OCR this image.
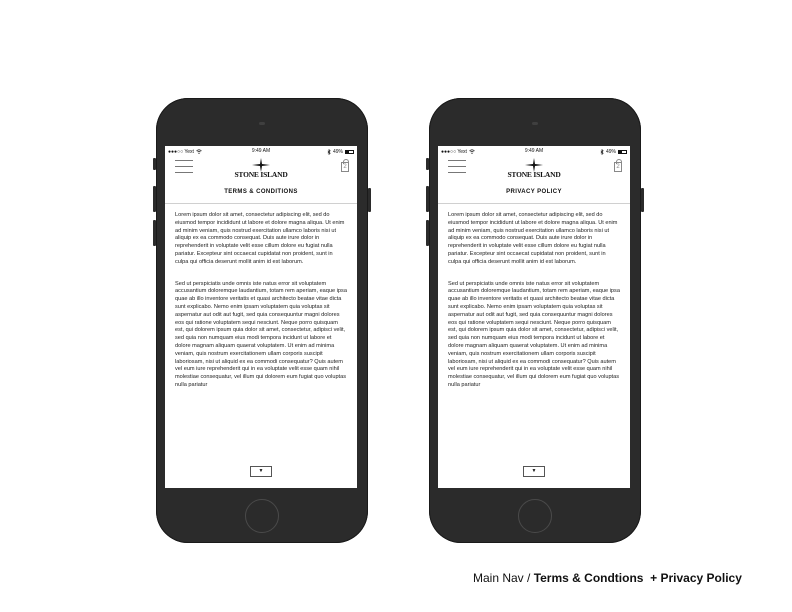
●●●○○ Yext	9:49 AM	49%
STONE ISLAND
2
TERMS & CONDITIONS

Lorem ipsum dolor sit amet, consectetur adipiscing elit, sed do eiusmod tempor incididunt ut labore et dolore magna aliqua. Ut enim ad minim veniam, quis nostrud exercitation ullamco laboris nisi ut aliquip ex ea commodo consequat. Duis aute irure dolor in reprehenderit in voluptate velit esse cillum dolore eu fugiat nulla pariatur. Excepteur sint occaecat cupidatat non proident, sunt in culpa qui officia deserunt mollit anim id est laborum.

Sed ut perspiciatis unde omnis iste natus error sit voluptatem accusantium doloremque laudantium, totam rem aperiam, eaque ipsa quae ab illo inventore veritatis et quasi architecto beatae vitae dicta sunt explicabo. Nemo enim ipsam voluptatem quia voluptas sit aspernatur aut odit aut fugit, sed quia consequuntur magni dolores eos qui ratione voluptatem sequi nesciunt. Neque porro quisquam est, qui dolorem ipsum quia dolor sit amet, consectetur, adipisci velit, sed quia non numquam eius modi tempora incidunt ut labore et dolore magnam aliquam quaerat voluptatem. Ut enim ad minima veniam, quis nostrum exercitationem ullam corporis suscipit laboriosam, nisi ut aliquid ex ea commodi consequatur? Quis autem vel eum iure reprehenderit qui in ea voluptate velit esse quam nihil molestiae consequatur, vel illum qui dolorem eum fugiat quo voluptas nulla pariatur

▼
●●●○○ Yext	9:49 AM	49%
STONE ISLAND
2
PRIVACY POLICY

Lorem ipsum dolor sit amet, consectetur adipiscing elit, sed do eiusmod tempor incididunt ut labore et dolore magna aliqua. Ut enim ad minim veniam, quis nostrud exercitation ullamco laboris nisi ut aliquip ex ea commodo consequat. Duis aute irure dolor in reprehenderit in voluptate velit esse cillum dolore eu fugiat nulla pariatur. Excepteur sint occaecat cupidatat non proident, sunt in culpa qui officia deserunt mollit anim id est laborum.

Sed ut perspiciatis unde omnis iste natus error sit voluptatem accusantium doloremque laudantium, totam rem aperiam, eaque ipsa quae ab illo inventore veritatis et quasi architecto beatae vitae dicta sunt explicabo. Nemo enim ipsam voluptatem quia voluptas sit aspernatur aut odit aut fugit, sed quia consequuntur magni dolores eos qui ratione voluptatem sequi nesciunt. Neque porro quisquam est, qui dolorem ipsum quia dolor sit amet, consectetur, adipisci velit, sed quia non numquam eius modi tempora incidunt ut labore et dolore magnam aliquam quaerat voluptatem. Ut enim ad minima veniam, quis nostrum exercitationem ullam corporis suscipit laboriosam, nisi ut aliquid ex ea commodi consequatur? Quis autem vel eum iure reprehenderit qui in ea voluptate velit esse quam nihil molestiae consequatur, vel illum qui dolorem eum fugiat quo voluptas nulla pariatur

▼
Main Nav / Terms & Condtions  + Privacy Policy
